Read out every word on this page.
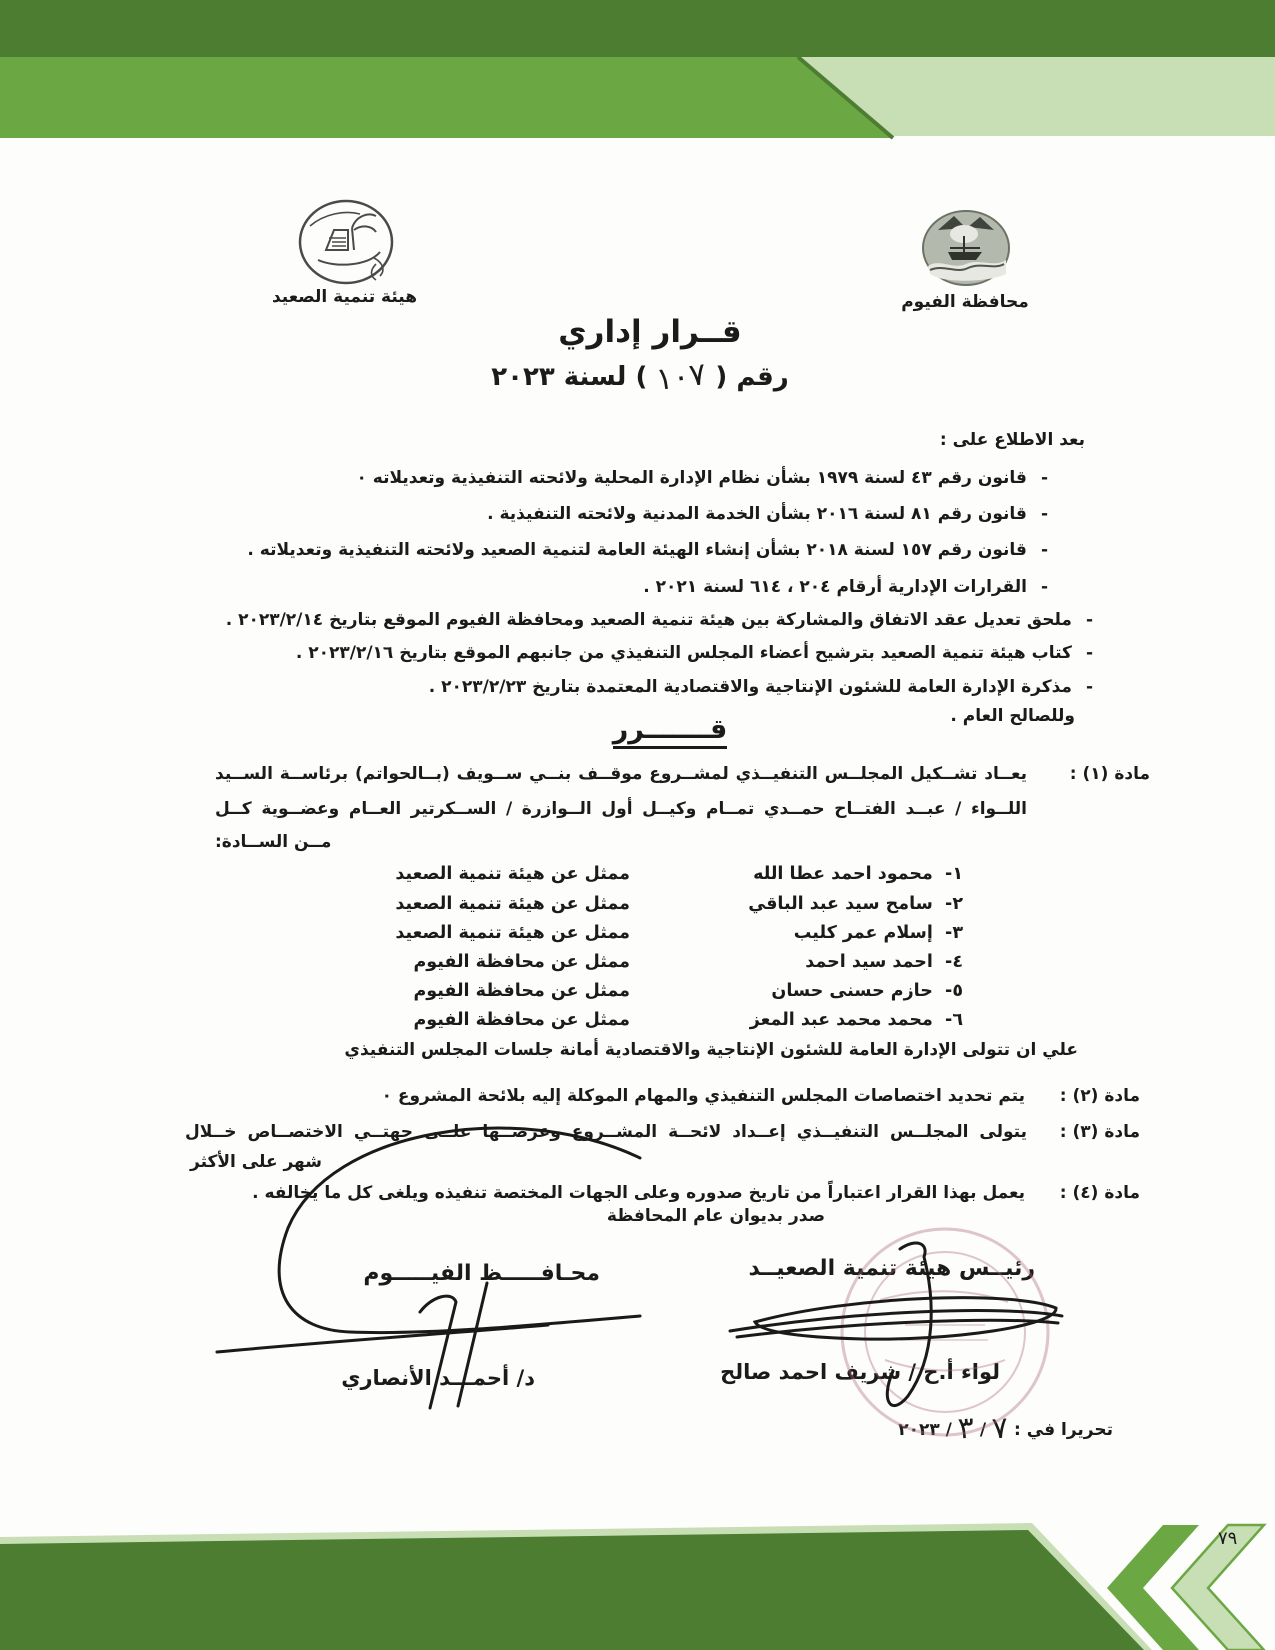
هيئة تنمية الصعيد	محافظة الفيوم
قــرار إداري
رقم ( ١٠٧ ) لسنة ٢٠٢٣
بعد الاطلاع على :
-
قانون رقم ٤٣ لسنة ١٩٧٩ بشأن نظام الإدارة المحلية ولائحته التنفيذية وتعديلاته ٠
-
قانون رقم ٨١ لسنة ٢٠١٦ بشأن الخدمة المدنية ولائحته التنفيذية .
-
قانون رقم ١٥٧ لسنة ٢٠١٨ بشأن إنشاء الهيئة العامة لتنمية الصعيد ولائحته التنفيذية وتعديلاته .
-
القرارات الإدارية أرقام ٢٠٤ ، ٦١٤ لسنة ٢٠٢١ .
-
ملحق تعديل عقد الاتفاق والمشاركة بين هيئة تنمية الصعيد ومحافظة الفيوم الموقع بتاريخ ٢٠٢٣/٢/١٤ .
-
كتاب هيئة تنمية الصعيد بترشيح أعضاء المجلس التنفيذي من جانبهم الموقع بتاريخ ٢٠٢٣/٢/١٦ .
-
مذكرة الإدارة العامة للشئون الإنتاجية والاقتصادية المعتمدة بتاريخ ٢٠٢٣/٢/٢٣ .
وللصالح العام .
قـــــــرر
مادة (١) :
يعــاد تشــكيل المجلــس التنفيــذي لمشــروع موقــف بنــي ســويف (بــالحواتم) برئاســة الســيد
اللــواء / عبــد الفتــاح حمــدي تمــام وكيــل أول الــوازرة / الســكرتير العــام وعضــوية كــل
مــن الســادة:
١-  محمود احمد عطا الله
ممثل عن هيئة تنمية الصعيد
٢-  سامح سيد عبد الباقي
ممثل عن هيئة تنمية الصعيد
٣-  إسلام عمر كليب
ممثل عن هيئة تنمية الصعيد
٤-  احمد سيد احمد
ممثل عن محافظة الفيوم
٥-  حازم حسنى حسان
ممثل عن محافظة الفيوم
٦-  محمد محمد عبد المعز
ممثل عن محافظة الفيوم
علي ان تتولى الإدارة العامة للشئون الإنتاجية والاقتصادية أمانة جلسات المجلس التنفيذي
مادة (٢) :
يتم تحديد اختصاصات المجلس التنفيذي والمهام الموكلة إليه بلائحة المشروع ٠
مادة (٣) :
يتولى المجلــس التنفيــذي إعــداد لائحــة المشــروع وعرضــها علــى جهتــي الاختصــاص خــلال
شهر على الأكثر
مادة (٤) :
يعمل بهذا القرار اعتباراً من تاريخ صدوره وعلى الجهات المختصة تنفيذه ويلغى كل ما يخالفه .
صدر بديوان عام المحافظة
رئيــس هيئة تنمية الصعيــد
محـافـــــظ الفيـــــوم
لواء أ.ح / شريف احمد صالح
د/ أحمـــد الأنصاري
تحريرا في : ٧ / ٣ / ٢٠٢٣
٧٩
